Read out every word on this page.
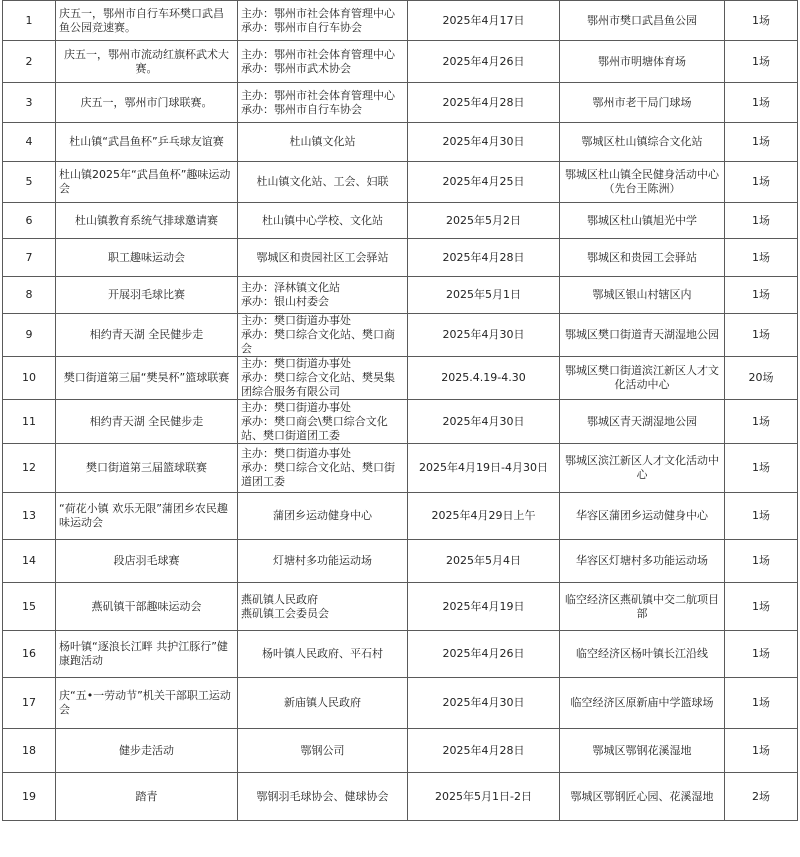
1	庆五一，鄂州市自行车环樊口武昌鱼公园竞速赛。	主办：鄂州市社会体育管理中心
承办：鄂州市自行车协会	2025年4月17日	鄂州市樊口武昌鱼公园	1场
2	庆五一，鄂州市流动红旗杯武术大赛。	主办：鄂州市社会体育管理中心
承办：鄂州市武术协会	2025年4月26日	鄂州市明塘体育场	1场
3	庆五一，鄂州市门球联赛。	主办：鄂州市社会体育管理中心
承办：鄂州市自行车协会	2025年4月28日	鄂州市老干局门球场	1场
4	杜山镇“武昌鱼杯”乒乓球友谊赛	杜山镇文化站	2025年4月30日	鄂城区杜山镇综合文化站	1场
5	杜山镇2025年“武昌鱼杯”趣味运动会	杜山镇文化站、工会、妇联	2025年4月25日	鄂城区杜山镇全民健身活动中心（先台王陈洲）	1场
6	杜山镇教育系统气排球邀请赛	杜山镇中心学校、文化站	2025年5月2日	鄂城区杜山镇旭光中学	1场
7	职工趣味运动会	鄂城区和贵园社区工会驿站	2025年4月28日	鄂城区和贵园工会驿站	1场
8	开展羽毛球比赛	主办：泽林镇文化站
承办：银山村委会	2025年5月1日	鄂城区银山村辖区内	1场
9	相约青天湖 全民健步走	主办：樊口街道办事处
承办：樊口综合文化站、樊口商会	2025年4月30日	鄂城区樊口街道青天湖湿地公园	1场
10	樊口街道第三届“樊昊杯”篮球联赛	主办：樊口街道办事处
承办：樊口综合文化站、樊昊集团综合服务有限公司	2025.4.19-4.30	鄂城区樊口街道滨江新区人才文化活动中心	20场
11	相约青天湖 全民健步走	主办：樊口街道办事处
承办：樊口商会\樊口综合文化站、樊口街道团工委	2025年4月30日	鄂城区青天湖湿地公园	1场
12	樊口街道第三届篮球联赛	主办：樊口街道办事处
承办：樊口综合文化站、樊口街道团工委	2025年4月19日-4月30日	鄂城区滨江新区人才文化活动中心	1场
13	“荷花小镇 欢乐无限”蒲团乡农民趣味运动会	蒲团乡运动健身中心	2025年4月29日上午	华容区蒲团乡运动健身中心	1场
14	段店羽毛球赛	灯塘村多功能运动场	2025年5月4日	华容区灯塘村多功能运动场	1场
15	燕矶镇干部趣味运动会	燕矶镇人民政府
燕矶镇工会委员会	2025年4月19日	临空经济区燕矶镇中交二航项目部	1场
16	杨叶镇“逐浪长江畔 共护江豚行”健康跑活动	杨叶镇人民政府、平石村	2025年4月26日	临空经济区杨叶镇长江沿线	1场
17	庆“五•一劳动节”机关干部职工运动会	新庙镇人民政府	2025年4月30日	临空经济区原新庙中学篮球场	1场
18	健步走活动	鄂钢公司	2025年4月28日	鄂城区鄂钢花溪湿地	1场
19	踏青	鄂钢羽毛球协会、健球协会	2025年5月1日-2日	鄂城区鄂钢匠心园、花溪湿地	2场
